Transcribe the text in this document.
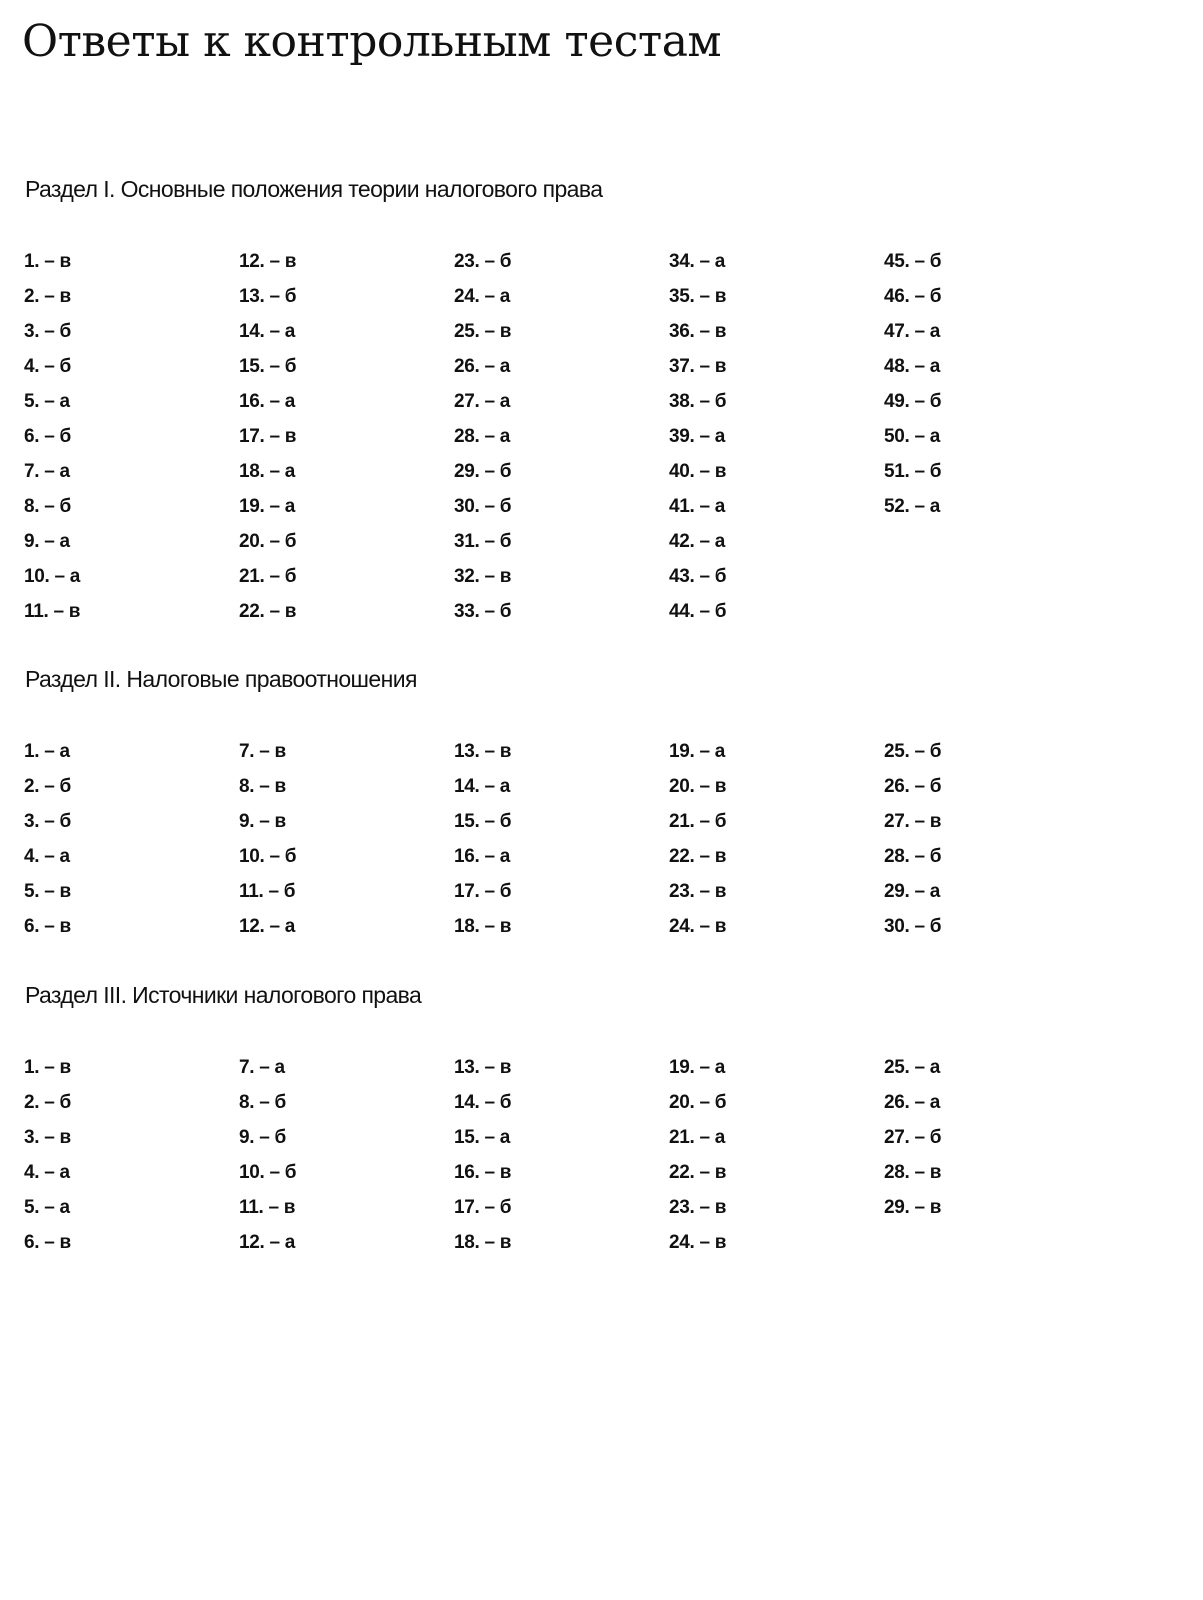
Ответы к контрольным тестам
Раздел I. Основные положения теории налогового права
1. – в
2. – в
3. – б
4. – б
5. – а
6. – б
7. – а
8. – б
9. – а
10. – а
11. – в
12. – в
13. – б
14. – а
15. – б
16. – а
17. – в
18. – а
19. – а
20. – б
21. – б
22. – в
23. – б
24. – а
25. – в
26. – а
27. – а
28. – а
29. – б
30. – б
31. – б
32. – в
33. – б
34. – а
35. – в
36. – в
37. – в
38. – б
39. – а
40. – в
41. – а
42. – а
43. – б
44. – б
45. – б
46. – б
47. – а
48. – а
49. – б
50. – а
51. – б
52. – а
Раздел II. Налоговые правоотношения
1. – а
2. – б
3. – б
4. – а
5. – в
6. – в
7. – в
8. – в
9. – в
10. – б
11. – б
12. – а
13. – в
14. – а
15. – б
16. – а
17. – б
18. – в
19. – а
20. – в
21. – б
22. – в
23. – в
24. – в
25. – б
26. – б
27. – в
28. – б
29. – а
30. – б
Раздел III. Источники налогового права
1. – в
2. – б
3. – в
4. – а
5. – а
6. – в
7. – а
8. – б
9. – б
10. – б
11. – в
12. – а
13. – в
14. – б
15. – а
16. – в
17. – б
18. – в
19. – а
20. – б
21. – а
22. – в
23. – в
24. – в
25. – а
26. – а
27. – б
28. – в
29. – в
